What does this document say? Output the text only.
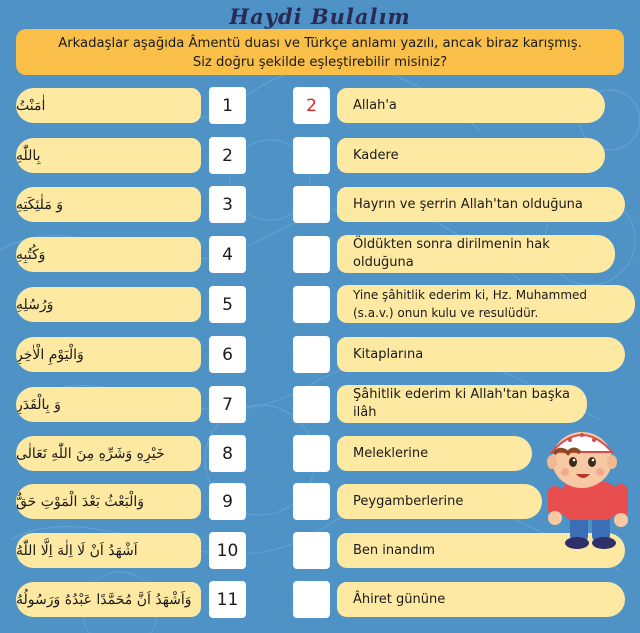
Haydi Bulalım
Arkadaşlar aşağıda Âmentü duası ve Türkçe anlamı yazılı, ancak biraz karışmış.
Siz doğru şekilde eşleştirebilir misiniz?
اٰمَنْتُ	1	2	Allah'a
بِاللّٰهِ	2	Kadere
وَ مَلٰئِكَتِهِ	3	Hayrın ve şerrin Allah'tan olduğuna
وَكُتُبِهِ	4	Öldükten sonra dirilmenin hak olduğuna
وَرُسُلِهِ	5	Yine şâhitlik ederim ki, Hz. Muhammed (s.a.v.) onun kulu ve resulüdür.
وَالْيَوْمِ الْاٰخِرِ	6	Kitaplarına
وَ بِالْقَدَرِ	7	Şâhitlik ederim ki Allah'tan başka ilâh
خَيْرِهِ وَشَرِّهِ مِنَ اللّٰهِ تَعَالٰى	8	Meleklerine
وَالْبَعْثُ بَعْدَ الْمَوْتِ حَقٌّ	9	Peygamberlerine
اَشْهَدُ اَنْ لَا اِلٰهَ اِلَّا اللّٰهُ	10	Ben inandım
وَاَشْهَدُ اَنَّ مُحَمَّدًا عَبْدُهُ وَرَسُولُهُ	11	Âhiret gününe
